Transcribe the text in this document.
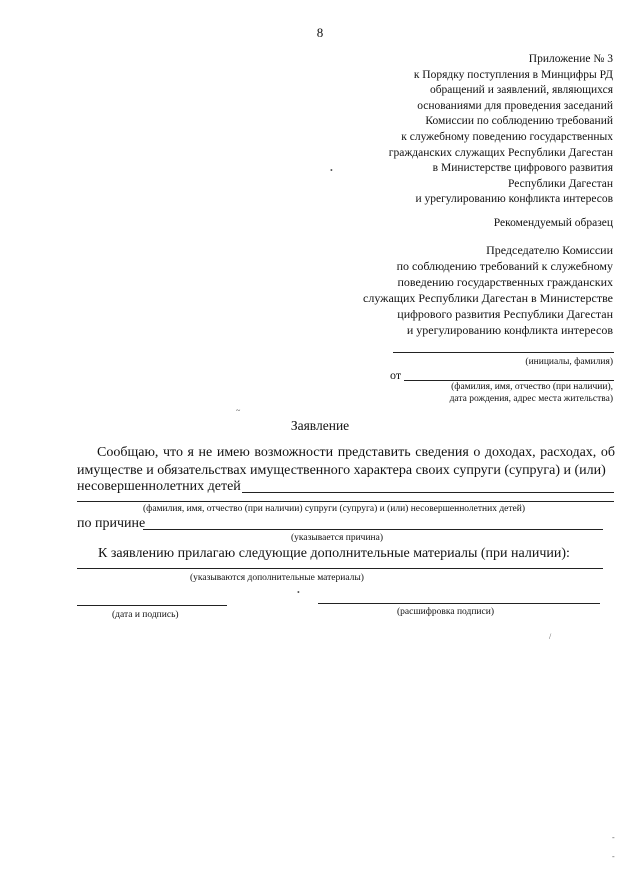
8
Приложение № 3
к Порядку поступления в Минцифры РД
обращений и заявлений, являющихся
основаниями для проведения заседаний
Комиссии по соблюдению требований
к служебному поведению государственных
гражданских служащих Республики Дагестан
в Министерстве цифрового развития
Республики Дагестан
и урегулированию конфликта интересов
Рекомендуемый образец
Председателю Комиссии
по соблюдению требований к служебному
поведению государственных гражданских
служащих Республики Дагестан в Министерстве
цифрового развития Республики Дагестан
и урегулированию конфликта интересов
(инициалы, фамилия)
от
(фамилия, имя, отчество (при наличии),
дата рождения, адрес места жительства)
~
Заявление

Сообщаю, что я не имею возможности представить сведения о доходах, расходах, об имуществе и обязательствах имущественного характера своих супруги (супруга) и (или)

несовершеннолетних детей
(фамилия, имя, отчество (при наличии) супруги (супруга) и (или) несовершеннолетних детей)
по причине
(указывается причина)
К заявлению прилагаю следующие дополнительные материалы (при наличии):
(указываются дополнительные материалы)
•
(дата и подпись)	(расшифровка подписи)
/
•
-
-
